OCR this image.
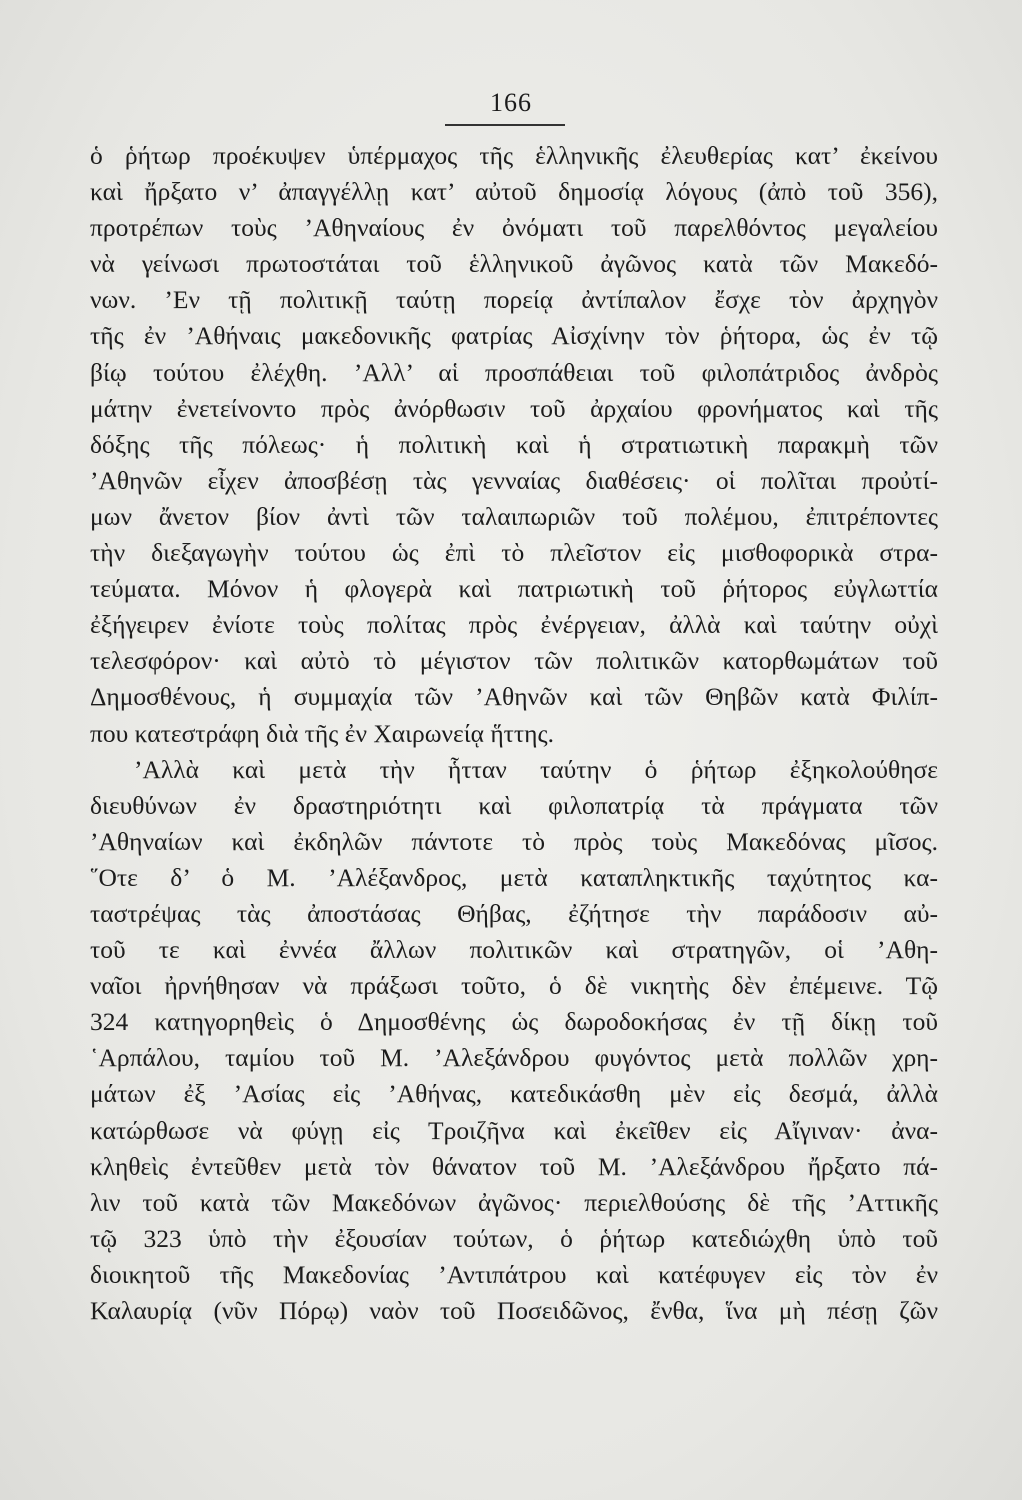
166
ὁ ῥήτωρ προέκυψεν ὑπέρμαχος τῆς ἑλληνικῆς ἐλευθερίας κατ’ ἐκείνου
καὶ ἤρξατο ν’ ἀπαγγέλλῃ κατ’ αὐτοῦ δημοσίᾳ λόγους (ἀπὸ τοῦ 356),
προτρέπων τοὺς ’Αθηναίους ἐν ὀνόματι τοῦ παρελθόντος μεγαλείου
νὰ γείνωσι πρωτοστάται τοῦ ἑλληνικοῦ ἀγῶνος κατὰ τῶν Μακεδό-
νων. ’Εν τῇ πολιτικῇ ταύτῃ πορείᾳ ἀντίπαλον ἔσχε τὸν ἀρχηγὸν
τῆς ἐν ’Αθήναις μακεδονικῆς φατρίας Αἰσχίνην τὸν ῥήτορα, ὡς ἐν τῷ
βίῳ τούτου ἐλέχθη. ’Αλλ’ αἱ προσπάθειαι τοῦ φιλοπάτριδος ἀνδρὸς
μάτην ἐνετείνοντο πρὸς ἀνόρθωσιν τοῦ ἀρχαίου φρονήματος καὶ τῆς
δόξης τῆς πόλεως· ἡ πολιτικὴ καὶ ἡ στρατιωτικὴ παρακμὴ τῶν
’Αθηνῶν εἶχεν ἀποσβέσῃ τὰς γενναίας διαθέσεις· οἱ πολῖται προὐτί-
μων ἄνετον βίον ἀντὶ τῶν ταλαιπωριῶν τοῦ πολέμου, ἐπιτρέποντες
τὴν διεξαγωγὴν τούτου ὡς ἐπὶ τὸ πλεῖστον εἰς μισθοφορικὰ στρα-
τεύματα. Μόνον ἡ φλογερὰ καὶ πατριωτικὴ τοῦ ῥήτορος εὐγλωττία
ἐξήγειρεν ἐνίοτε τοὺς πολίτας πρὸς ἐνέργειαν, ἀλλὰ καὶ ταύτην οὐχὶ
τελεσφόρον· καὶ αὐτὸ τὸ μέγιστον τῶν πολιτικῶν κατορθωμάτων τοῦ
Δημοσθένους, ἡ συμμαχία τῶν ’Αθηνῶν καὶ τῶν Θηβῶν κατὰ Φιλίπ-
που κατεστράφη διὰ τῆς ἐν Χαιρωνείᾳ ἥττης.
’Αλλὰ καὶ μετὰ τὴν ἧτταν ταύτην ὁ ῥήτωρ ἐξηκολούθησε
διευθύνων ἐν δραστηριότητι καὶ φιλοπατρίᾳ τὰ πράγματα τῶν
’Αθηναίων καὶ ἐκδηλῶν πάντοτε τὸ πρὸς τοὺς Μακεδόνας μῖσος.
῞Οτε δ’ ὁ Μ. ’Αλέξανδρος, μετὰ καταπληκτικῆς ταχύτητος κα-
ταστρέψας τὰς ἀποστάσας Θήβας, ἐζήτησε τὴν παράδοσιν αὐ-
τοῦ τε καὶ ἐννέα ἄλλων πολιτικῶν καὶ στρατηγῶν, οἱ ’Αθη-
ναῖοι ἠρνήθησαν νὰ πράξωσι τοῦτο, ὁ δὲ νικητὴς δὲν ἐπέμεινε. Τῷ
324 κατηγορηθεὶς ὁ Δημοσθένης ὡς δωροδοκήσας ἐν τῇ δίκῃ τοῦ
῾Αρπάλου, ταμίου τοῦ Μ. ’Αλεξάνδρου φυγόντος μετὰ πολλῶν χρη-
μάτων ἐξ ’Ασίας εἰς ’Αθήνας, κατεδικάσθη μὲν εἰς δεσμά, ἀλλὰ
κατώρθωσε νὰ φύγῃ εἰς Τροιζῆνα καὶ ἐκεῖθεν εἰς Αἴγιναν· ἀνα-
κληθεὶς ἐντεῦθεν μετὰ τὸν θάνατον τοῦ Μ. ’Αλεξάνδρου ἤρξατο πά-
λιν τοῦ κατὰ τῶν Μακεδόνων ἀγῶνος· περιελθούσης δὲ τῆς ’Αττικῆς
τῷ 323 ὑπὸ τὴν ἐξουσίαν τούτων, ὁ ῥήτωρ κατεδιώχθη ὑπὸ τοῦ
διοικητοῦ τῆς Μακεδονίας ’Αντιπάτρου καὶ κατέφυγεν εἰς τὸν ἐν
Καλαυρίᾳ (νῦν Πόρῳ) ναὸν τοῦ Ποσειδῶνος, ἔνθα, ἵνα μὴ πέσῃ ζῶν
